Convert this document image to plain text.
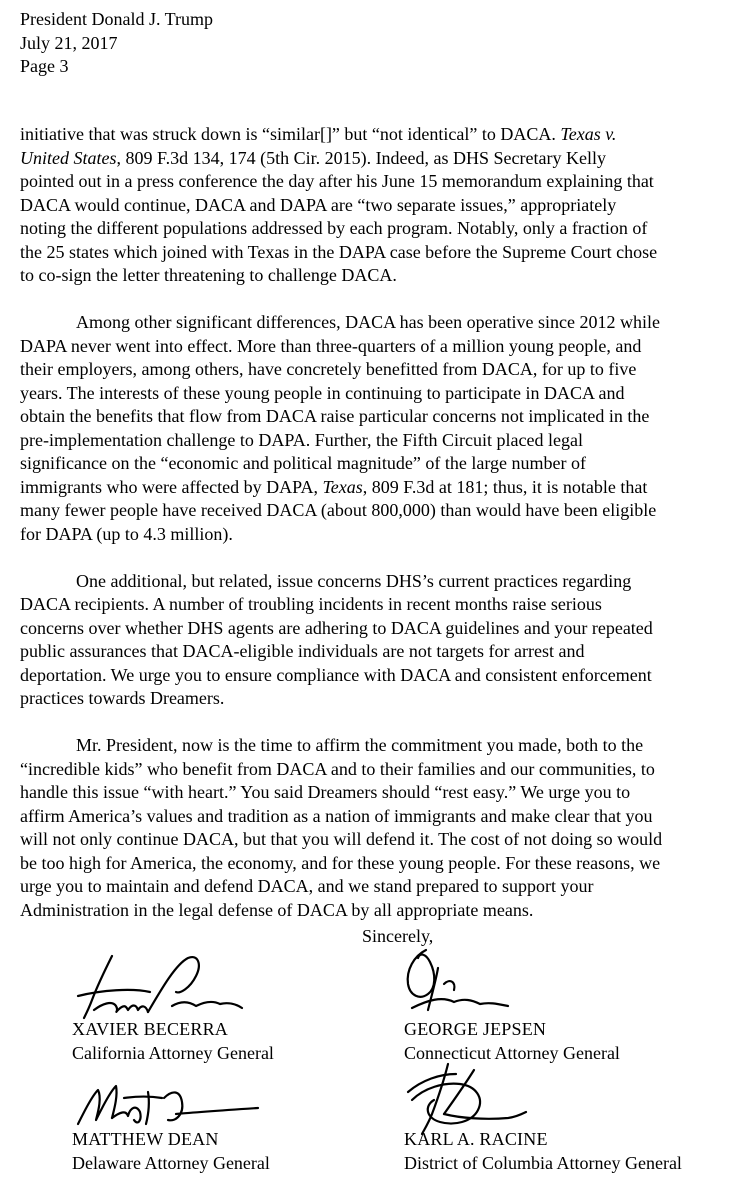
President Donald J. Trump
July 21, 2017
Page 3
initiative that was struck down is “similar[]” but “not identical” to DACA. Texas v.
United States, 809 F.3d 134, 174 (5th Cir. 2015). Indeed, as DHS Secretary Kelly
pointed out in a press conference the day after his June 15 memorandum explaining that
DACA would continue, DACA and DAPA are “two separate issues,” appropriately
noting the different populations addressed by each program. Notably, only a fraction of
the 25 states which joined with Texas in the DAPA case before the Supreme Court chose
to co-sign the letter threatening to challenge DACA.
Among other significant differences, DACA has been operative since 2012 while
DAPA never went into effect. More than three-quarters of a million young people, and
their employers, among others, have concretely benefitted from DACA, for up to five
years. The interests of these young people in continuing to participate in DACA and
obtain the benefits that flow from DACA raise particular concerns not implicated in the
pre-implementation challenge to DAPA. Further, the Fifth Circuit placed legal
significance on the “economic and political magnitude” of the large number of
immigrants who were affected by DAPA, Texas, 809 F.3d at 181; thus, it is notable that
many fewer people have received DACA (about 800,000) than would have been eligible
for DAPA (up to 4.3 million).
One additional, but related, issue concerns DHS’s current practices regarding
DACA recipients. A number of troubling incidents in recent months raise serious
concerns over whether DHS agents are adhering to DACA guidelines and your repeated
public assurances that DACA-eligible individuals are not targets for arrest and
deportation. We urge you to ensure compliance with DACA and consistent enforcement
practices towards Dreamers.
Mr. President, now is the time to affirm the commitment you made, both to the
“incredible kids” who benefit from DACA and to their families and our communities, to
handle this issue “with heart.” You said Dreamers should “rest easy.” We urge you to
affirm America’s values and tradition as a nation of immigrants and make clear that you
will not only continue DACA, but that you will defend it. The cost of not doing so would
be too high for America, the economy, and for these young people. For these reasons, we
urge you to maintain and defend DACA, and we stand prepared to support your
Administration in the legal defense of DACA by all appropriate means.
Sincerely,
XAVIER BECERRA
California Attorney General
GEORGE JEPSEN
Connecticut Attorney General
MATTHEW DEAN
Delaware Attorney General
KARL A. RACINE
District of Columbia Attorney General
